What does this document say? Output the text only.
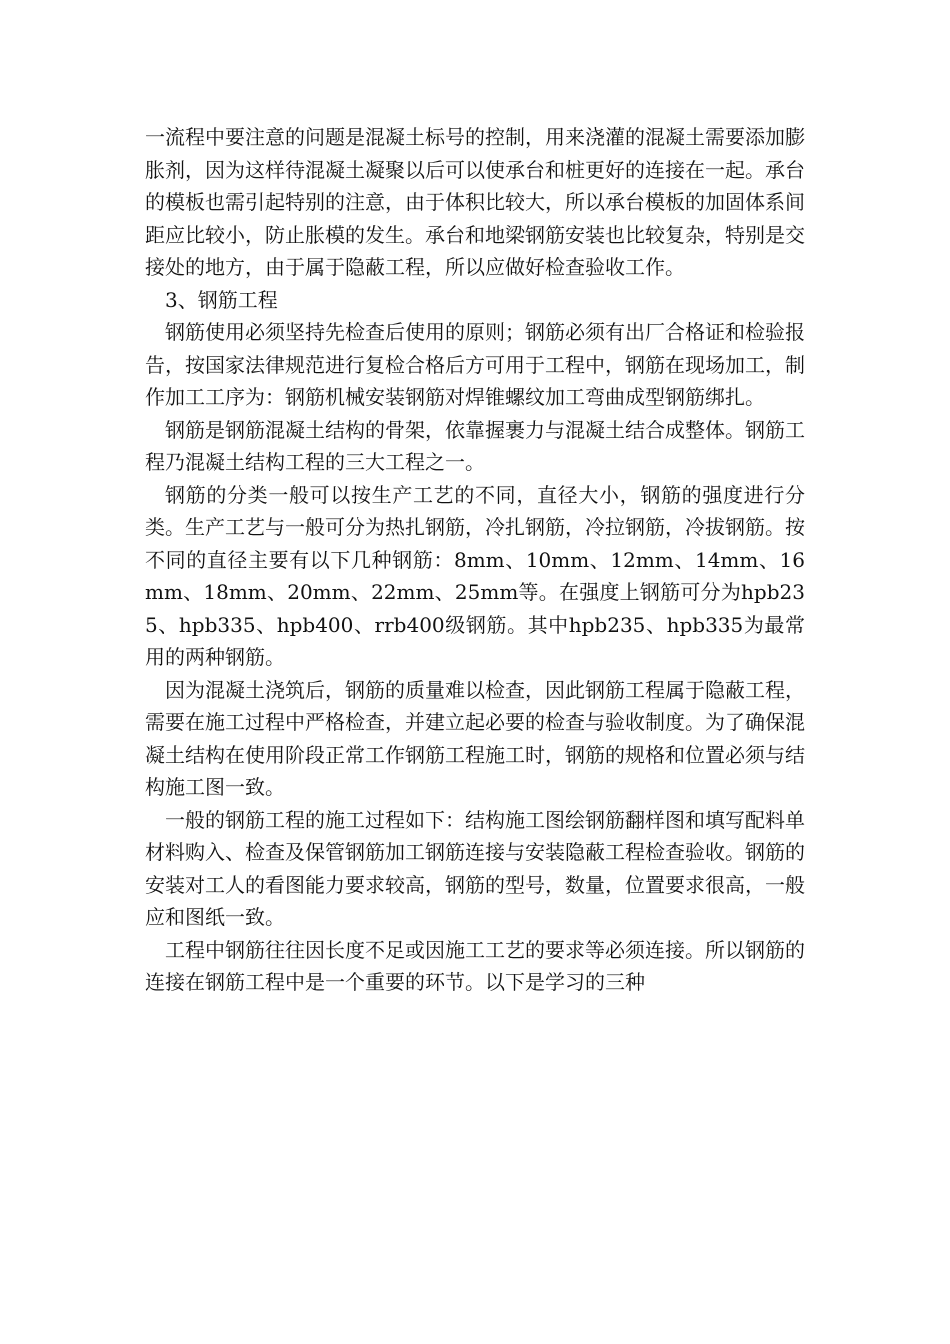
一流程中要注意的问题是混凝土标号的控制，用来浇灌的混凝土需要添加膨胀剂，因为这样待混凝土凝聚以后可以使承台和桩更好的连接在一起。承台的模板也需引起特别的注意，由于体积比较大，所以承台模板的加固体系间距应比较小，防止胀模的发生。承台和地梁钢筋安装也比较复杂，特别是交接处的地方，由于属于隐蔽工程，所以应做好检查验收工作。

3、钢筋工程

钢筋使用必须坚持先检查后使用的原则；钢筋必须有出厂合格证和检验报告，按国家法律规范进行复检合格后方可用于工程中，钢筋在现场加工，制作加工工序为：钢筋机械安装钢筋对焊锥螺纹加工弯曲成型钢筋绑扎。

钢筋是钢筋混凝土结构的骨架，依靠握裹力与混凝土结合成整体。钢筋工程乃混凝土结构工程的三大工程之一。

钢筋的分类一般可以按生产工艺的不同，直径大小，钢筋的强度进行分类。生产工艺与一般可分为热扎钢筋，冷扎钢筋，冷拉钢筋，冷拔钢筋。按不同的直径主要有以下几种钢筋：8mm、10mm、12mm、14mm、16mm、18mm、20mm、22mm、25mm等。在强度上钢筋可分为hpb235、hpb335、hpb400、rrb400级钢筋。其中hpb235、hpb335为最常用的两种钢筋。

因为混凝土浇筑后，钢筋的质量难以检查，因此钢筋工程属于隐蔽工程，需要在施工过程中严格检查，并建立起必要的检查与验收制度。为了确保混凝土结构在使用阶段正常工作钢筋工程施工时，钢筋的规格和位置必须与结构施工图一致。

一般的钢筋工程的施工过程如下：结构施工图绘钢筋翻样图和填写配料单材料购入、检查及保管钢筋加工钢筋连接与安装隐蔽工程检查验收。钢筋的安装对工人的看图能力要求较高，钢筋的型号，数量，位置要求很高，一般应和图纸一致。

工程中钢筋往往因长度不足或因施工工艺的要求等必须连接。所以钢筋的连接在钢筋工程中是一个重要的环节。以下是学习的三种
